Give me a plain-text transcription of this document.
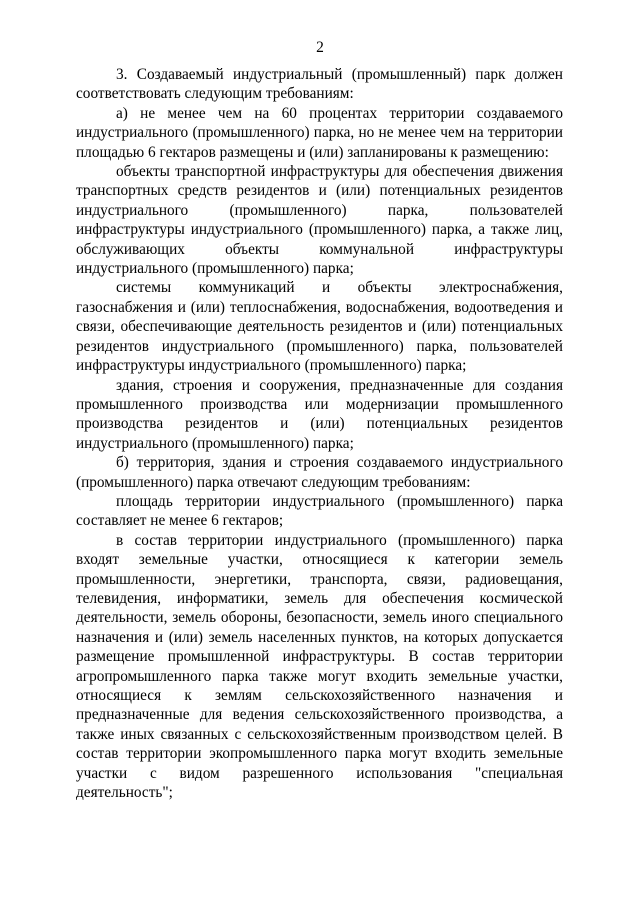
2

3. Создаваемый индустриальный (промышленный) парк должен соответствовать следующим требованиям:

а) не менее чем на 60 процентах территории создаваемого индустриального (промышленного) парка, но не менее чем на территории площадью 6 гектаров размещены и (или) запланированы к размещению:

объекты транспортной инфраструктуры для обеспечения движения транспортных средств резидентов и (или) потенциальных резидентов индустриального (промышленного) парка, пользователей инфраструктуры индустриального (промышленного) парка, а также лиц, обслуживающих объекты коммунальной инфраструктуры индустриального (промышленного) парка;

системы коммуникаций и объекты электроснабжения, газоснабжения и (или) теплоснабжения, водоснабжения, водоотведения и связи, обеспечивающие деятельность резидентов и (или) потенциальных резидентов индустриального (промышленного) парка, пользователей инфраструктуры индустриального (промышленного) парка;

здания, строения и сооружения, предназначенные для создания промышленного производства или модернизации промышленного производства резидентов и (или) потенциальных резидентов индустриального (промышленного) парка;

б) территория, здания и строения создаваемого индустриального (промышленного) парка отвечают следующим требованиям:

площадь территории индустриального (промышленного) парка составляет не менее 6 гектаров;

в состав территории индустриального (промышленного) парка входят земельные участки, относящиеся к категории земель промышленности, энергетики, транспорта, связи, радиовещания, телевидения, информатики, земель для обеспечения космической деятельности, земель обороны, безопасности, земель иного специального назначения и (или) земель населенных пунктов, на которых допускается размещение промышленной инфраструктуры. В состав территории агропромышленного парка также могут входить земельные участки, относящиеся к землям сельскохозяйственного назначения и предназначенные для ведения сельскохозяйственного производства, а также иных связанных с сельскохозяйственным производством целей. В состав территории экопромышленного парка могут входить земельные участки с видом разрешенного использования "специальная деятельность";
